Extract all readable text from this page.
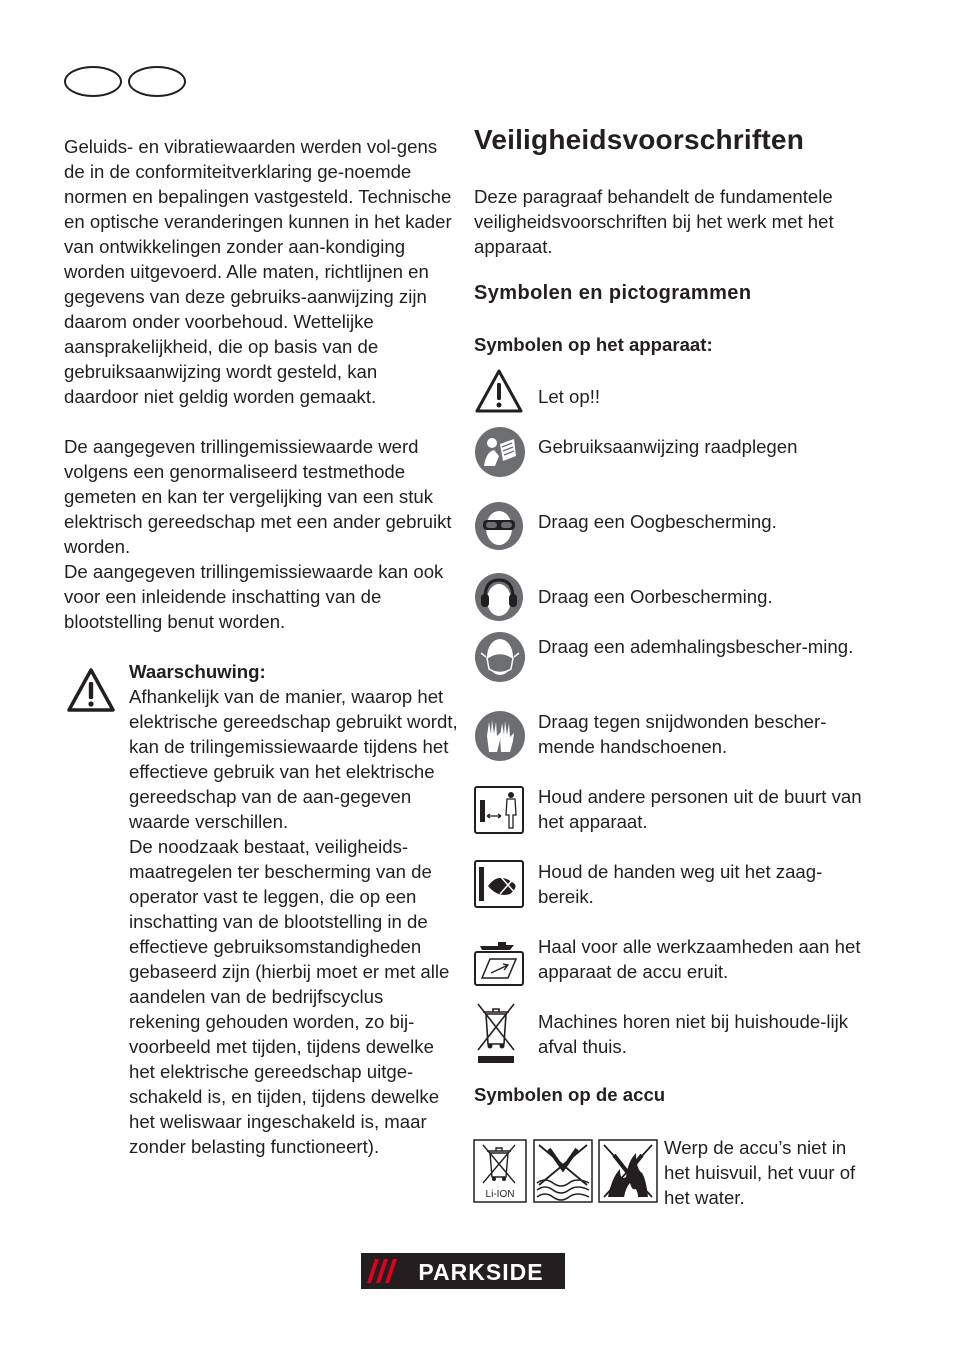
Geluids- en vibratiewaarden werden vol-gens de in de conformiteitverklaring ge-noemde normen en bepalingen vastgesteld. Technische en optische veranderingen kunnen in het kader van ontwikkelingen zonder aan-kondiging worden uitgevoerd. Alle maten, richtlijnen en gegevens van deze gebruiks-aanwijzing zijn daarom onder voorbehoud. Wettelijke aansprakelijkheid, die op basis van de gebruiksaanwijzing wordt gesteld, kan daardoor niet geldig worden gemaakt.

De aangegeven trillingemissiewaarde werd volgens een genormaliseerd testmethode gemeten en kan ter vergelijking van een stuk elektrisch gereedschap met een ander gebruikt worden.

De aangegeven trillingemissiewaarde kan ook voor een inleidende inschatting van de blootstelling benut worden.

Waarschuwing:

Afhankelijk van de manier, waarop het elektrische gereedschap gebruikt wordt, kan de trilingemissiewaarde tijdens het effectieve gebruik van het elektrische gereedschap van de aan-gegeven waarde verschillen.

De noodzaak bestaat, veiligheids-maatregelen ter bescherming van de operator vast te leggen, die op een inschatting van de blootstelling in de effectieve gebruiksomstandigheden gebaseerd zijn (hierbij moet er met alle aandelen van de bedrijfscyclus rekening gehouden worden, zo bij-voorbeeld met tijden, tijdens dewelke het elektrische gereedschap uitge-schakeld is, en tijden, tijdens dewelke het weliswaar ingeschakeld is, maar zonder belasting functioneert).

Veiligheidsvoorschriften

Deze paragraaf behandelt de fundamentele veiligheidsvoorschriften bij het werk met het apparaat.

Symbolen en pictogrammen
Symbolen op het apparaat:

Let op!!

Gebruiksaanwijzing raadplegen

Draag een Oogbescherming.

Draag een Oorbescherming.

Draag een ademhalingsbescher-ming.

Draag tegen snijdwonden bescher-mende handschoenen.

Houd andere personen uit de buurt van het apparaat.

Houd de handen weg uit het zaag-bereik.

Haal voor alle werkzaamheden aan het apparaat de accu eruit.

Machines horen niet bij huishoude-lijk afval thuis.

Symbolen op de accu
Li-ION

Werp de accu’s niet in het huisvuil, het vuur of het water.

PARKSIDE
